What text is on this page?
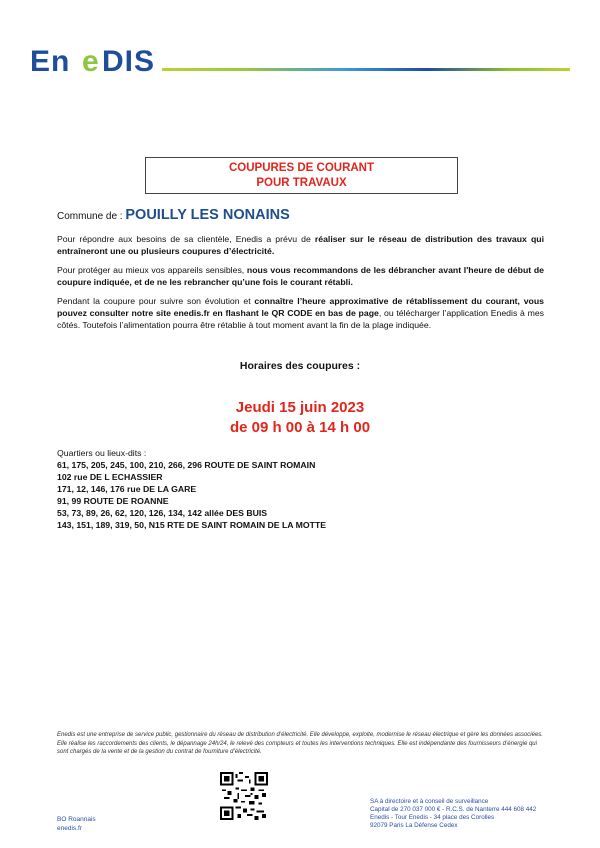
En e DIS
COUPURES DE COURANT
POUR TRAVAUX
Commune de : POUILLY LES NONAINS
Pour répondre aux besoins de sa clientèle, Enedis a prévu de réaliser sur le réseau de distribution des travaux qui entraîneront une ou plusieurs coupures d’électricité.
Pour protéger au mieux vos appareils sensibles, nous vous recommandons de les débrancher avant l'heure de début de coupure indiquée, et de ne les rebrancher qu’une fois le courant rétabli.
Pendant la coupure pour suivre son évolution et connaître l’heure approximative de rétablissement du courant, vous pouvez consulter notre site enedis.fr en flashant le QR CODE en bas de page, ou télécharger l’application Enedis à mes côtés. Toutefois l’alimentation pourra être rétablie à tout moment avant la fin de la plage indiquée.
Horaires des coupures :
Jeudi 15 juin 2023
de 09 h 00 à 14 h 00
Quartiers ou lieux-dits :
61, 175, 205, 245, 100, 210, 266, 296 ROUTE DE SAINT ROMAIN
102 rue DE L ECHASSIER
171, 12, 146, 176 rue DE LA GARE
91, 99 ROUTE DE ROANNE
53, 73, 89, 26, 62, 120, 126, 134, 142 allée DES BUIS
143, 151, 189, 319, 50, N15 RTE DE SAINT ROMAIN DE LA MOTTE
Enedis est une entreprise de service public, gestionnaire du réseau de distribution d’électricité. Elle développe, exploite, modernise le réseau électrique et gère les données associées. Elle réalise les raccordements des clients, le dépannage 24h/24, le relevé des compteurs et toutes les interventions techniques. Elle est indépendante des fournisseurs d’énergie qui sont chargés de la vente et de la gestion du contrat de fourniture d’électricité.
BO Roannais
enedis.fr
SA à directoire et à conseil de surveillance
Capital de 270 037 000 € - R.C.S. de Nanterre 444 608 442
Enedis - Tour Enedis - 34 place des Corolles
92079 Paris La Défense Cedex
